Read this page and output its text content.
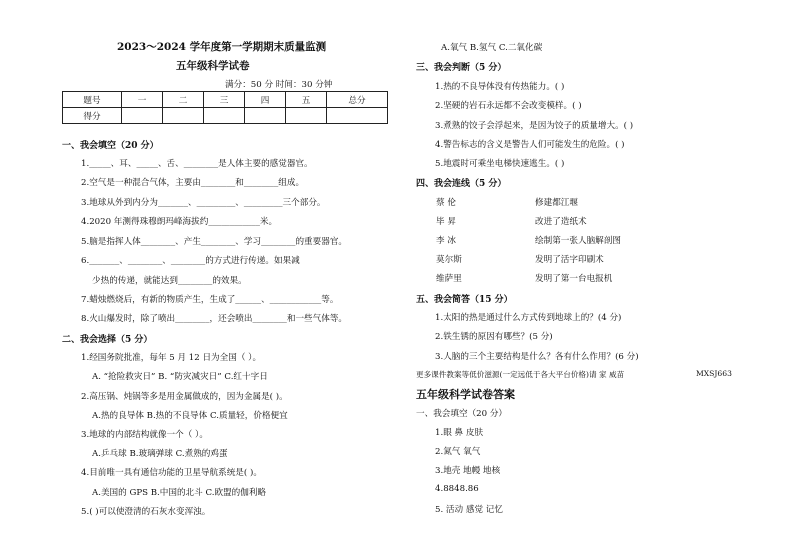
2023～2024 学年度第一学期期末质量监测
五年级科学试卷
满分：50 分 时间：30 分钟
题号	一	二	三	四	五	总分
得分						
一、我会填空（20 分）
1._____、耳、_____、舌、________是人体主要的感觉器官。
2.空气是一种混合气体，主要由________和________组成。
3.地球从外到内分为_______、_________、_________三个部分。
4.2020 年测得珠穆朗玛峰海拔约____________米。
5.脑是指挥人体________、产生________、学习________的重要器官。
6._______、________、________的方式进行传递。如果减
少热的传递，就能达到________的效果。
7.蜡烛燃烧后，有新的物质产生，生成了______、____________等。
8.火山爆发时，除了喷出________，还会喷出________和一些气体等。
二、我会选择（5 分）
1.经国务院批准，每年 5 月 12 日为全国（ ）。
A. “抢险救灾日” B. “防灾减灾日” C.红十字日
2.高压锅、炖锅等多是用金属做成的，因为金属是( )。
A.热的良导体 B.热的不良导体 C.质量轻，价格便宜
3.地球的内部结构就像一个（ ）。
A.乒乓球 B.玻璃弹球 C.煮熟的鸡蛋
4.目前唯一具有通信功能的卫星导航系统是( )。
A.美国的 GPS B.中国的北斗 C.欧盟的伽利略
5.( )可以使澄清的石灰水变浑浊。
A.氧气 B.氢气 C.二氧化碳
三、我会判断（5 分）
1.热的不良导体没有传热能力。( )
2.坚硬的岩石永远都不会改变模样。( )
3.煮熟的饺子会浮起来，是因为饺子的质量增大。( )
4.警告标志的含义是警告人们可能发生的危险。( )
5.地震时可乘坐电梯快速逃生。( )
四、我会连线（5 分）
蔡 伦	修建都江堰
毕 昇	改进了造纸术
李 冰	绘制第一张人脑解剖图
莫尔斯	发明了活字印刷术
维萨里	发明了第一台电报机
五、我会简答（15 分）
1.太阳的热是通过什么方式传到地球上的？(4 分)
2.铁生锈的原因有哪些？(5 分)
3.人脑的三个主要结构是什么？各有什么作用？(6 分)
更多课件教案等低价滋源(一定远低于各大平台价格)请 家 威苗	MXSJ663
五年级科学试卷答案
一、我会填空（20 分）
1.眼 鼻 皮肤
2.氮气 氧气
3.地壳 地幔 地核
4.8848.86
5. 活动 感觉 记忆
